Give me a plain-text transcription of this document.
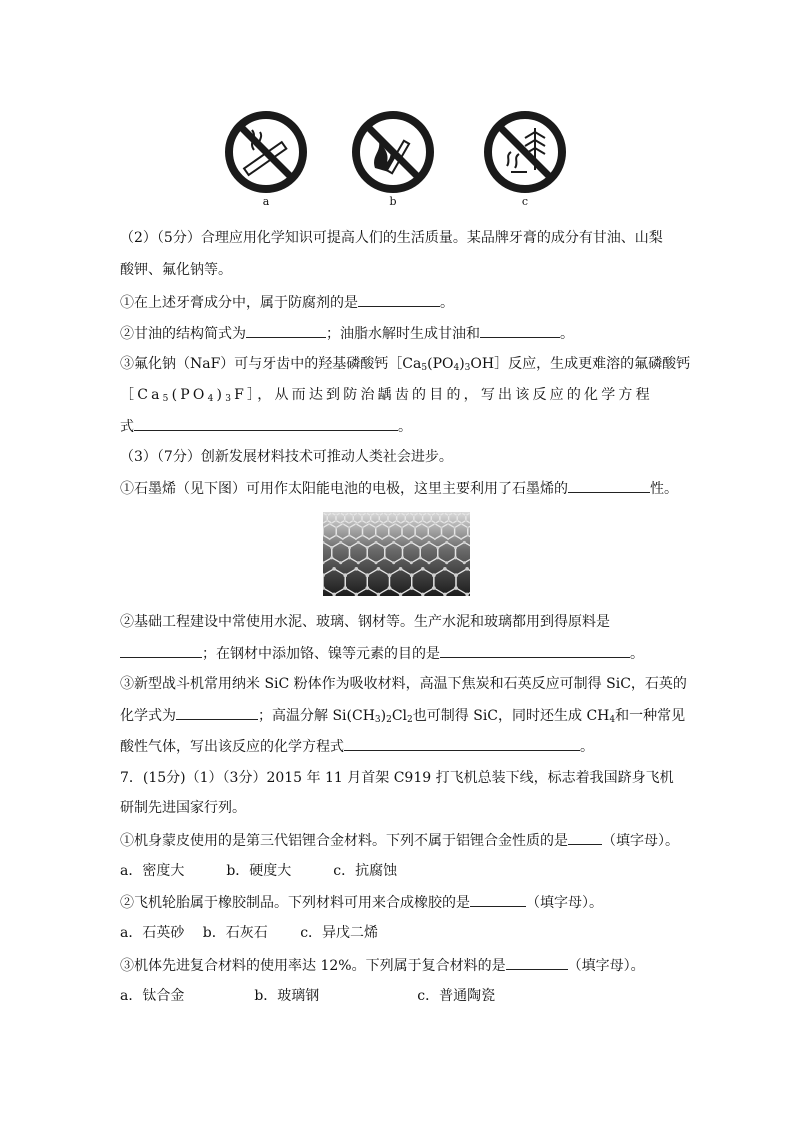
a	b	c
（2）（5分）合理应用化学知识可提高人们的生活质量。某品牌牙膏的成分有甘油、山梨
酸钾、氟化钠等。
①在上述牙膏成分中，属于防腐剂的是	。
②甘油的结构简式为	；油脂水解时生成甘油和	。
③氟化钠（NaF）可与牙齿中的羟基磷酸钙$[Ca_5(PO_4)_3OH]$反应，生成更难溶的氟磷酸钙
$[Ca_5(PO_4)_3F]$，从而达到防治龋齿的目的，写出该反应的化学方程
式	。
（3）（7分）创新发展材料技术可推动人类社会进步。
①石墨烯（见下图）可用作太阳能电池的电极，这里主要利用了石墨烯的	性。
②基础工程建设中常使用水泥、玻璃、钢材等。生产水泥和玻璃都用到得原料是
；在钢材中添加铬、镍等元素的目的是	。
③新型战斗机常用纳米 SiC 粉体作为吸收材料，高温下焦炭和石英反应可制得 SiC，石英的
化学式为	；高温分解 $Si(CH_3)_2Cl_2$也可制得 SiC，同时还生成 $CH_4$和一种常见
酸性气体，写出该反应的化学方程式	。
7．(15分)（1）（3分）2015 年 11 月首架 C919 打飞机总装下线，标志着我国跻身飞机
研制先进国家行列。
①机身蒙皮使用的是第三代铝锂合金材料。下列不属于铝锂合金性质的是 （填字母）。
a．密度大　　　b．硬度大　　　c．抗腐蚀
②飞机轮胎属于橡胶制品。下列材料可用来合成橡胶的是	（填字母）。
a．石英砂　 b．石灰石　　 c．异戊二烯
③机体先进复合材料的使用率达 12%。下列属于复合材料的是	（填字母）。
a．钛合金　　　　　b．玻璃钢　　　　　　　c．普通陶瓷
